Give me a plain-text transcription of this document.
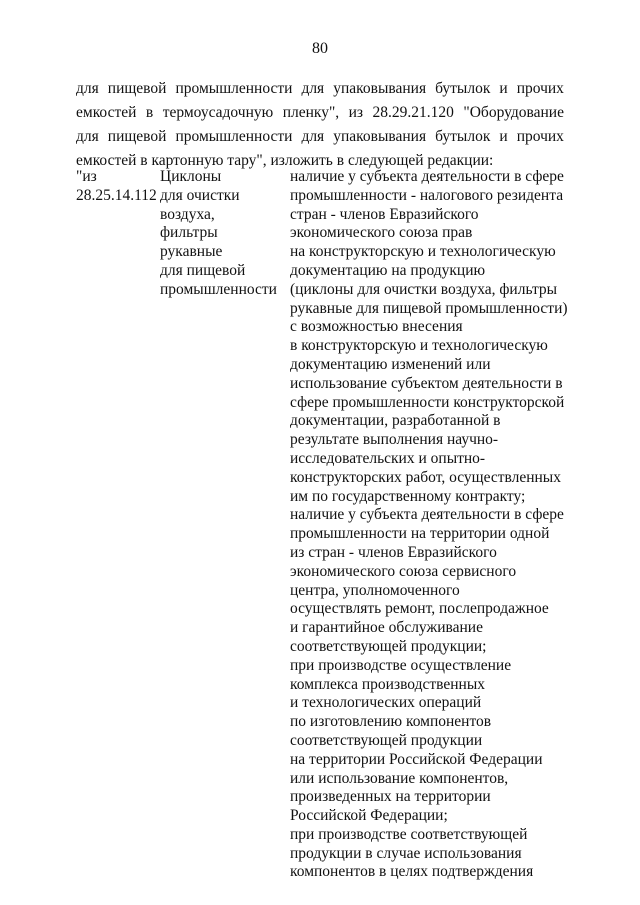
80
для пищевой промышленности для упаковывания бутылок и прочих
емкостей в термоусадочную пленку", из 28.29.21.120 "Оборудование
для пищевой промышленности для упаковывания бутылок и прочих
емкостей в картонную тару", изложить в следующей редакции:
"из
28.25.14.112
Циклоны
для очистки
воздуха,
фильтры
рукавные
для пищевой
промышленности
наличие у субъекта деятельности в сфере
промышленности - налогового резидента
стран - членов Евразийского
экономического союза прав
на конструкторскую и технологическую
документацию на продукцию
(циклоны для очистки воздуха, фильтры
рукавные для пищевой промышленности)
с возможностью внесения
в конструкторскую и технологическую
документацию изменений или
использование субъектом деятельности в
сфере промышленности конструкторской
документации, разработанной в
результате выполнения научно-
исследовательских и опытно-
конструкторских работ, осуществленных
им по государственному контракту;
наличие у субъекта деятельности в сфере
промышленности на территории одной
из стран - членов Евразийского
экономического союза сервисного
центра, уполномоченного
осуществлять ремонт, послепродажное
и гарантийное обслуживание
соответствующей продукции;
при производстве осуществление
комплекса производственных
и технологических операций
по изготовлению компонентов
соответствующей продукции
на территории Российской Федерации
или использование компонентов,
произведенных на территории
Российской Федерации;
при производстве соответствующей
продукции в случае использования
компонентов в целях подтверждения
